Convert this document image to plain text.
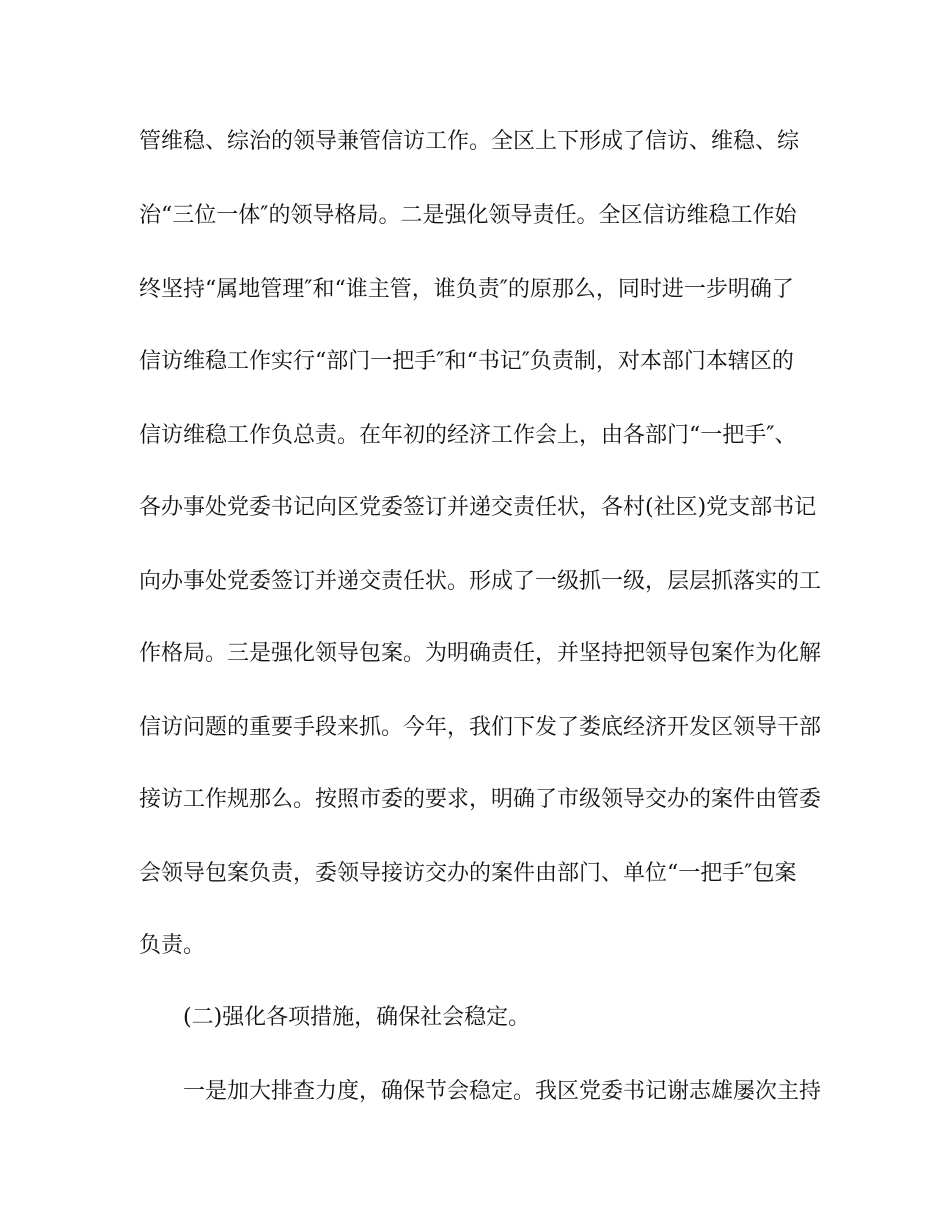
管维稳、综治的领导兼管信访工作。全区上下形成了信访、维稳、综

治“三位一体″的领导格局。二是强化领导责任。全区信访维稳工作始

终坚持“属地管理″和“谁主管，谁负责″的原那么，同时进一步明确了

信访维稳工作实行“部门一把手″和“书记″负责制，对本部门本辖区的

信访维稳工作负总责。在年初的经济工作会上，由各部门“一把手″、

各办事处党委书记向区党委签订并递交责任状，各村(社区)党支部书记

向办事处党委签订并递交责任状。形成了一级抓一级，层层抓落实的工

作格局。三是强化领导包案。为明确责任，并坚持把领导包案作为化解

信访问题的重要手段来抓。今年，我们下发了娄底经济开发区领导干部

接访工作规那么。按照市委的要求，明确了市级领导交办的案件由管委

会领导包案负责，委领导接访交办的案件由部门、单位“一把手″包案

负责。

(二)强化各项措施，确保社会稳定。

一是加大排查力度，确保节会稳定。我区党委书记谢志雄屡次主持
